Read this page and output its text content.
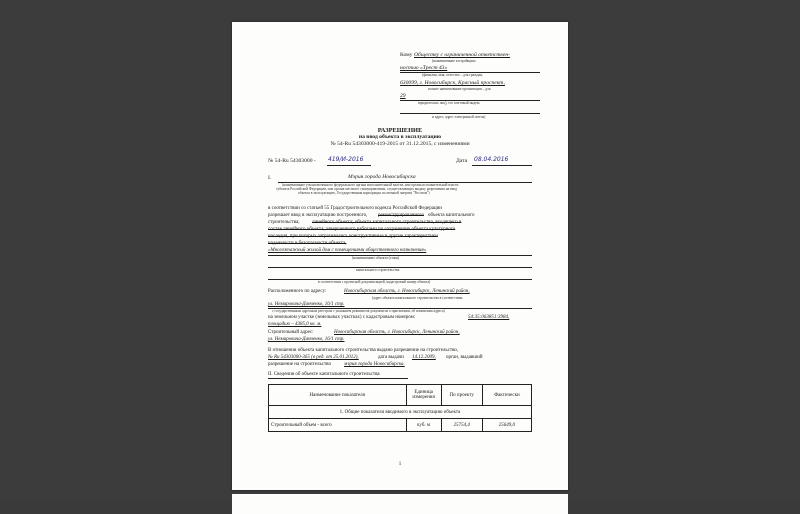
Кому Обществу с ограниченной ответствен-
(наименование застройщика
ностью «Трест 43»
(фамилия, имя, отчество – для граждан,
630099, г. Новосибирск, Красный проспект,
полное наименование организации – для
29
юридических лиц), его почтовый индекс
и адрес, адрес электронной почты)
РАЗРЕШЕНИЕ
на ввод объекта в эксплуатацию
№ 54-Ru 54303000-419-2015 от 31.12.2015, с изменениями
№ 54-Ru 54303000 - 419/И-2016	Дата 08.04.2016
I.	Мэрия города Новосибирска
(наименование уполномоченного федерального органа исполнительной власти, или органа исполнительной власти
субъекта Российской Федерации, или органа местного самоуправления, осуществляющих выдачу разрешения на ввод
объекта в эксплуатацию, Государственная корпорация по атомной энергии "Росатом")
в соответствии со статьей 55 Градостроительного кодекса Российской Федерации
разрешает ввод в эксплуатацию построенного, реконструированного объекта капитального
строительства; линейного объекта; объекта капитального строительства, входящего в
состав линейного объекта; завершенного работами по сохранению объекта культурного
наследия, при которых затрагивались конструктивные и другие характеристики
надежности и безопасности объекта,
«Многоэтажный жилой дом с помещениями общественного назначения»
(наименование объекта (этапа)
капитального строительства
в соответствии с проектной документацией, кадастровый номер объекта)
Расположенного по адресу:	Новосибирская область, г. Новосибирск, Ленинский район,
(адрес объекта капитального строительства в соответствии
ул. Немировича-Данченко, 16/1 стр.
с государственным адресным реестром с указанием реквизитов документов о присвоении, об изменении адреса)
на земельном участке (земельных участках) с кадастровым номером:	54:35:063851:3984,
площадью – 4385,0 кв. м.
Строительный адрес:	Новосибирская область, г. Новосибирск, Ленинский район,
ул. Немировича-Данченко, 16/1 стр.
В отношении объекта капитального строительства выдано разрешение на строительство,
№ Ru 54303000-365 (в ред. от 25.01.2012),	дата выдачи 14.12.2009, орган, выдавший
разрешение на строительство	мэрия города Новосибирска.
II. Сведения об объекте капитального строительства
Наименование показателя	Единица измерения	По проекту	Фактически
1. Общие показатели вводимого в эксплуатацию объекта			
Строительный объем - всего	куб. м	25754,4	25649,0
1
